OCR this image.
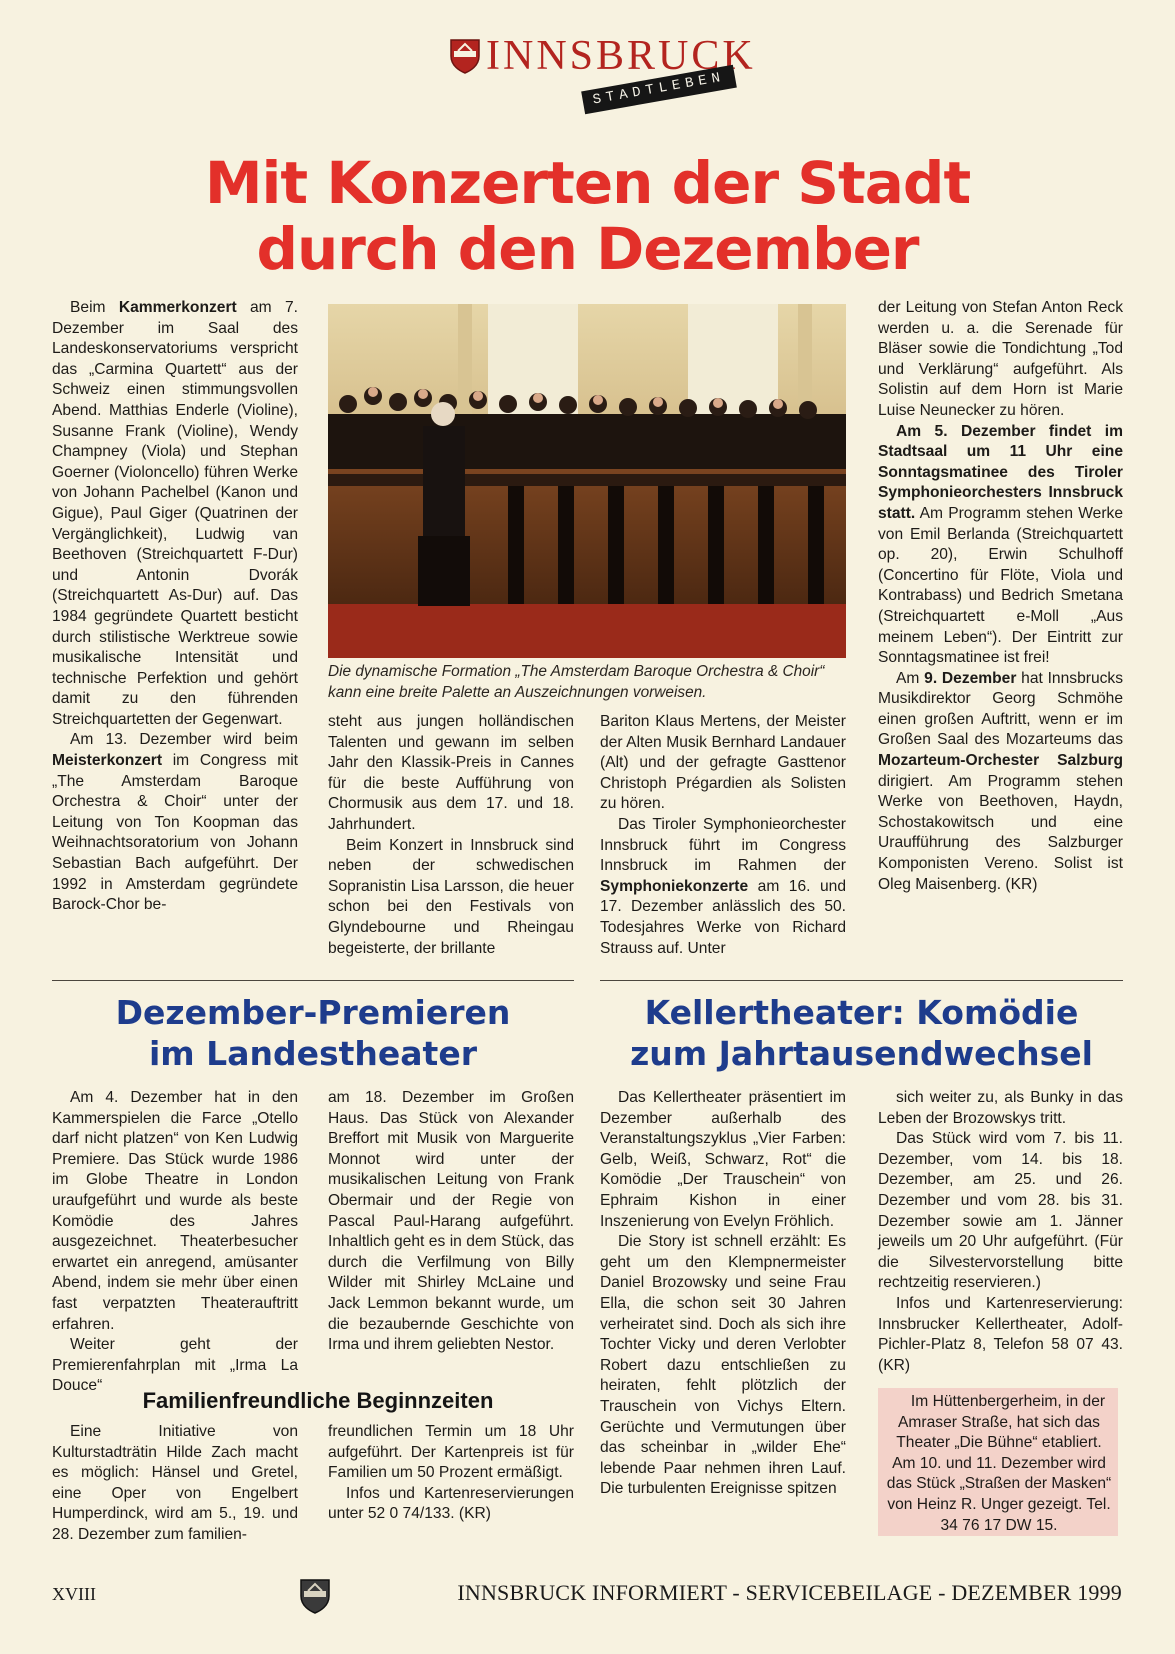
INNSBRUCK
STADTLEBEN
Mit Konzerten der Stadt
durch den Dezember

Beim Kammerkonzert am 7. Dezember im Saal des Landeskonservatoriums verspricht das „Carmina Quartett“ aus der Schweiz einen stimmungsvollen Abend. Matthias Enderle (Violine), Susanne Frank (Violine), Wendy Champney (Viola) und Stephan Goerner (Violoncello) führen Werke von Johann Pachelbel (Kanon und Gigue), Paul Giger (Quatrinen der Vergänglichkeit), Ludwig van Beethoven (Streichquartett F-Dur) und Antonin Dvorák (Streichquartett As-Dur) auf. Das 1984 gegründete Quartett besticht durch stilistische Werktreue sowie musikalische Intensität und technische Perfektion und gehört damit zu den führenden Streichquartetten der Gegenwart.

Am 13. Dezember wird beim Meisterkonzert im Congress mit „The Amsterdam Baroque Orchestra & Choir“ unter der Leitung von Ton Koopman das Weihnachtsoratorium von Johann Sebastian Bach aufgeführt. Der 1992 in Amsterdam gegründete Barock-Chor be-

Die dynamische Formation „The Amsterdam Baroque Orchestra & Choir“ kann eine breite Palette an Auszeichnungen vorweisen.

steht aus jungen holländischen Talenten und gewann im selben Jahr den Klassik-Preis in Cannes für die beste Aufführung von Chormusik aus dem 17. und 18. Jahrhundert.

Beim Konzert in Innsbruck sind neben der schwedischen Sopranistin Lisa Larsson, die heuer schon bei den Festivals von Glyndebourne und Rheingau begeisterte, der brillante

Bariton Klaus Mertens, der Meister der Alten Musik Bernhard Landauer (Alt) und der gefragte Gasttenor Christoph Prégardien als Solisten zu hören.

Das Tiroler Symphonieorchester Innsbruck führt im Congress Innsbruck im Rahmen der Symphoniekonzerte am 16. und 17. Dezember anlässlich des 50. Todesjahres Werke von Richard Strauss auf. Unter

der Leitung von Stefan Anton Reck werden u. a. die Serenade für Bläser sowie die Tondichtung „Tod und Verklärung“ aufgeführt. Als Solistin auf dem Horn ist Marie Luise Neunecker zu hören.

Am 5. Dezember findet im Stadtsaal um 11 Uhr eine Sonntagsmatinee des Tiroler Symphonieorchesters Innsbruck statt. Am Programm stehen Werke von Emil Berlanda (Streichquartett op. 20), Erwin Schulhoff (Concertino für Flöte, Viola und Kontrabass) und Bedrich Smetana (Streichquartett e-Moll „Aus meinem Leben“). Der Eintritt zur Sonntagsmatinee ist frei!

Am 9. Dezember hat Innsbrucks Musikdirektor Georg Schmöhe einen großen Auftritt, wenn er im Großen Saal des Mozarteums das Mozarteum-Orchester Salzburg dirigiert. Am Programm stehen Werke von Beethoven, Haydn, Schostakowitsch und eine Uraufführung des Salzburger Komponisten Vereno. Solist ist Oleg Maisenberg. (KR)

Dezember-Premieren
im Landestheater

Am 4. Dezember hat in den Kammerspielen die Farce „Otello darf nicht platzen“ von Ken Ludwig Premiere. Das Stück wurde 1986 im Globe Theatre in London uraufgeführt und wurde als beste Komödie des Jahres ausgezeichnet. Theaterbesucher erwartet ein anregend, amüsanter Abend, indem sie mehr über einen fast verpatzten Theaterauftritt erfahren.

Weiter geht der Premierenfahrplan mit „Irma La Douce“

am 18. Dezember im Großen Haus. Das Stück von Alexander Breffort mit Musik von Marguerite Monnot wird unter der musikalischen Leitung von Frank Obermair und der Regie von Pascal Paul-Harang aufgeführt. Inhaltlich geht es in dem Stück, das durch die Verfilmung von Billy Wilder mit Shirley McLaine und Jack Lemmon bekannt wurde, um die bezaubernde Geschichte von Irma und ihrem geliebten Nestor.

Familienfreundliche Beginnzeiten

Eine Initiative von Kulturstadträtin Hilde Zach macht es möglich: Hänsel und Gretel, eine Oper von Engelbert Humperdinck, wird am 5., 19. und 28. Dezember zum familien-

freundlichen Termin um 18 Uhr aufgeführt. Der Kartenpreis ist für Familien um 50 Prozent ermäßigt.

Infos und Kartenreservierungen unter 52 0 74/133. (KR)

Kellertheater: Komödie
zum Jahrtausendwechsel

Das Kellertheater präsentiert im Dezember außerhalb des Veranstaltungszyklus „Vier Farben: Gelb, Weiß, Schwarz, Rot“ die Komödie „Der Trauschein“ von Ephraim Kishon in einer Inszenierung von Evelyn Fröhlich.

Die Story ist schnell erzählt: Es geht um den Klempnermeister Daniel Brozowsky und seine Frau Ella, die schon seit 30 Jahren verheiratet sind. Doch als sich ihre Tochter Vicky und deren Verlobter Robert dazu entschließen zu heiraten, fehlt plötzlich der Trauschein von Vichys Eltern. Gerüchte und Vermutungen über das scheinbar in „wilder Ehe“ lebende Paar nehmen ihren Lauf. Die turbulenten Ereignisse spitzen

sich weiter zu, als Bunky in das Leben der Brozowskys tritt.

Das Stück wird vom 7. bis 11. Dezember, vom 14. bis 18. Dezember, am 25. und 26. Dezember und vom 28. bis 31. Dezember sowie am 1. Jänner jeweils um 20 Uhr aufgeführt. (Für die Silvestervorstellung bitte rechtzeitig reservieren.)

Infos und Kartenreservierung: Innsbrucker Kellertheater, Adolf-Pichler-Platz 8, Telefon 58 07 43. (KR)

Im Hüttenbergerheim, in der Amraser Straße, hat sich das Theater „Die Bühne“ etabliert. Am 10. und 11. Dezember wird das Stück „Straßen der Masken“ von Heinz R. Unger gezeigt. Tel. 34 76 17 DW 15.

XVIII	INNSBRUCK INFORMIERT - SERVICEBEILAGE - DEZEMBER 1999
